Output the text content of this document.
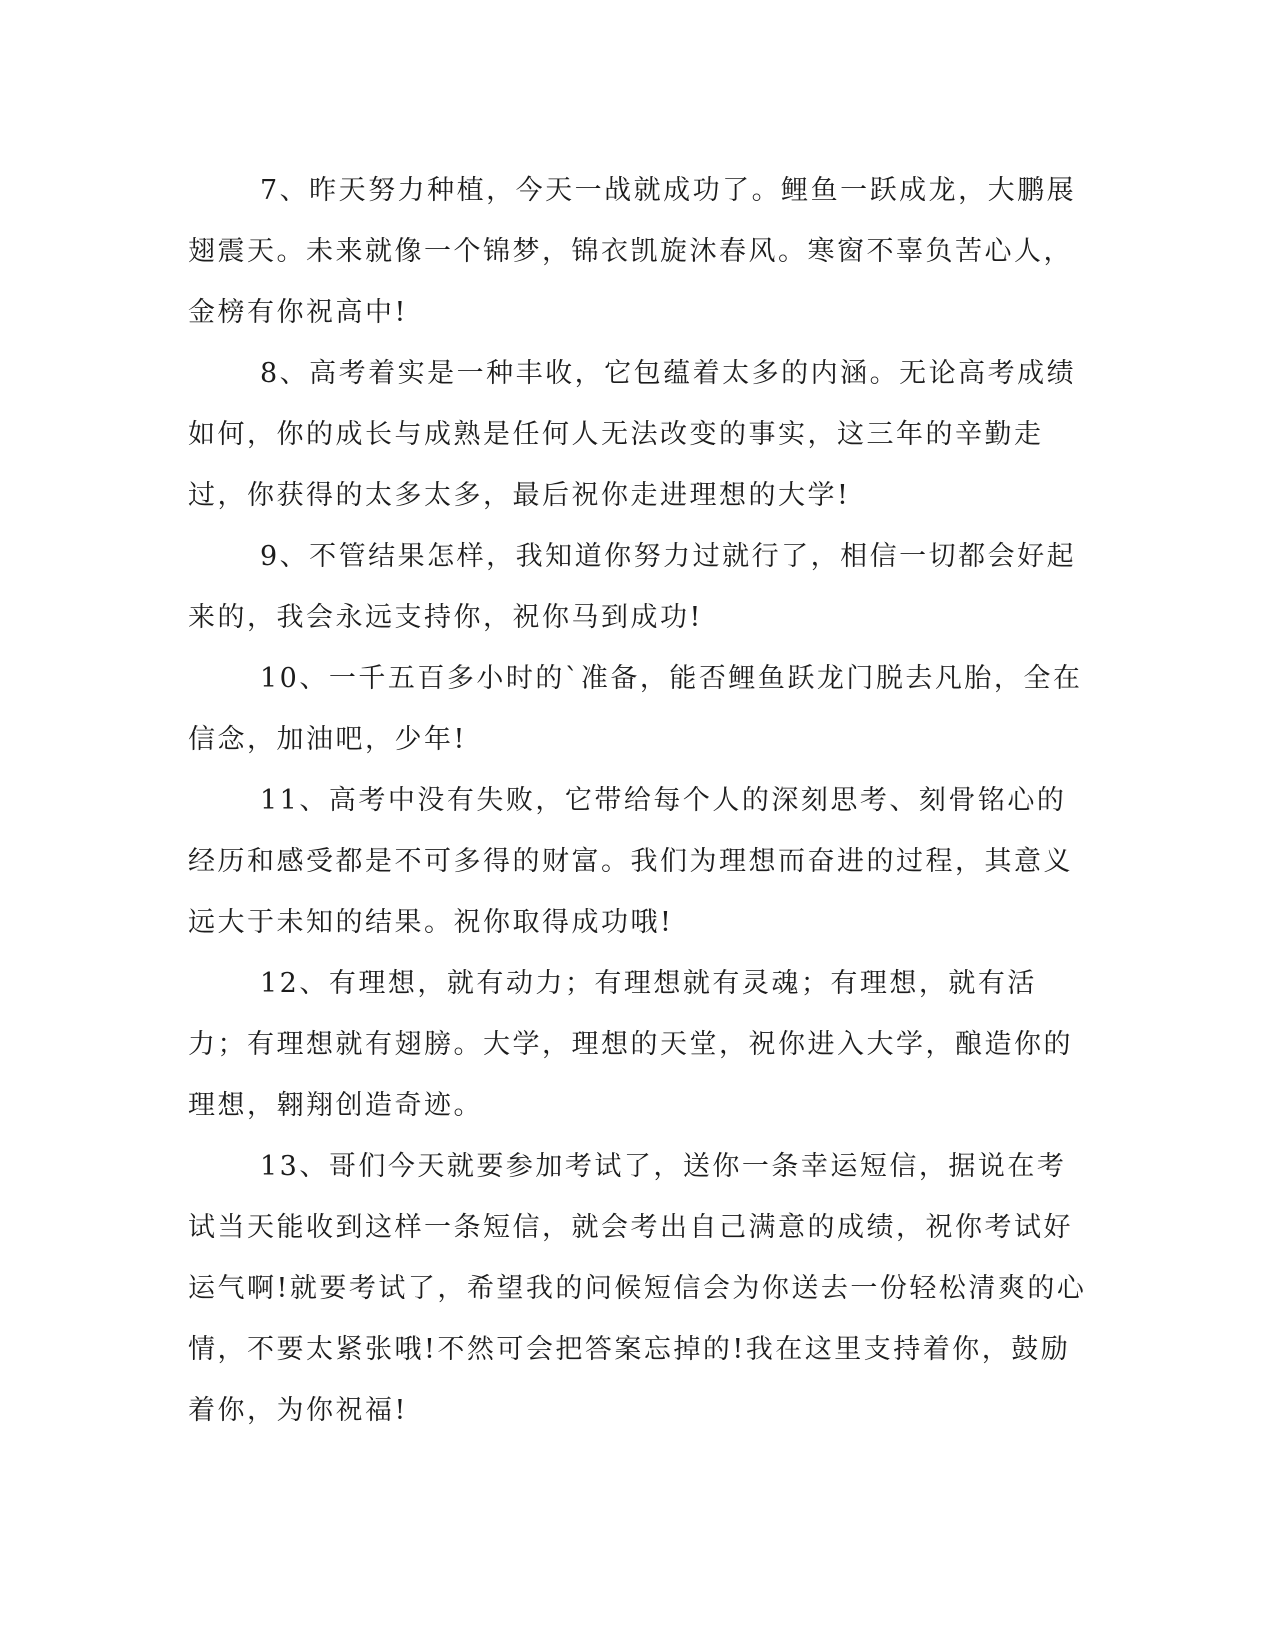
7、昨天努力种植，今天一战就成功了。鲤鱼一跃成龙，大鹏展翅震天。未来就像一个锦梦，锦衣凯旋沐春风。寒窗不辜负苦心人，金榜有你祝高中!

8、高考着实是一种丰收，它包蕴着太多的内涵。无论高考成绩如何，你的成长与成熟是任何人无法改变的事实，这三年的辛勤走过，你获得的太多太多，最后祝你走进理想的大学!

9、不管结果怎样，我知道你努力过就行了，相信一切都会好起来的，我会永远支持你，祝你马到成功!

10、一千五百多小时的`准备，能否鲤鱼跃龙门脱去凡胎，全在信念，加油吧，少年!

11、高考中没有失败，它带给每个人的深刻思考、刻骨铭心的经历和感受都是不可多得的财富。我们为理想而奋进的过程，其意义远大于未知的结果。祝你取得成功哦!

12、有理想，就有动力；有理想就有灵魂；有理想，就有活力；有理想就有翅膀。大学，理想的天堂，祝你进入大学，酿造你的理想，翱翔创造奇迹。

13、哥们今天就要参加考试了，送你一条幸运短信，据说在考试当天能收到这样一条短信，就会考出自己满意的成绩，祝你考试好运气啊!就要考试了，希望我的问候短信会为你送去一份轻松清爽的心情，不要太紧张哦!不然可会把答案忘掉的!我在这里支持着你，鼓励着你，为你祝福!
